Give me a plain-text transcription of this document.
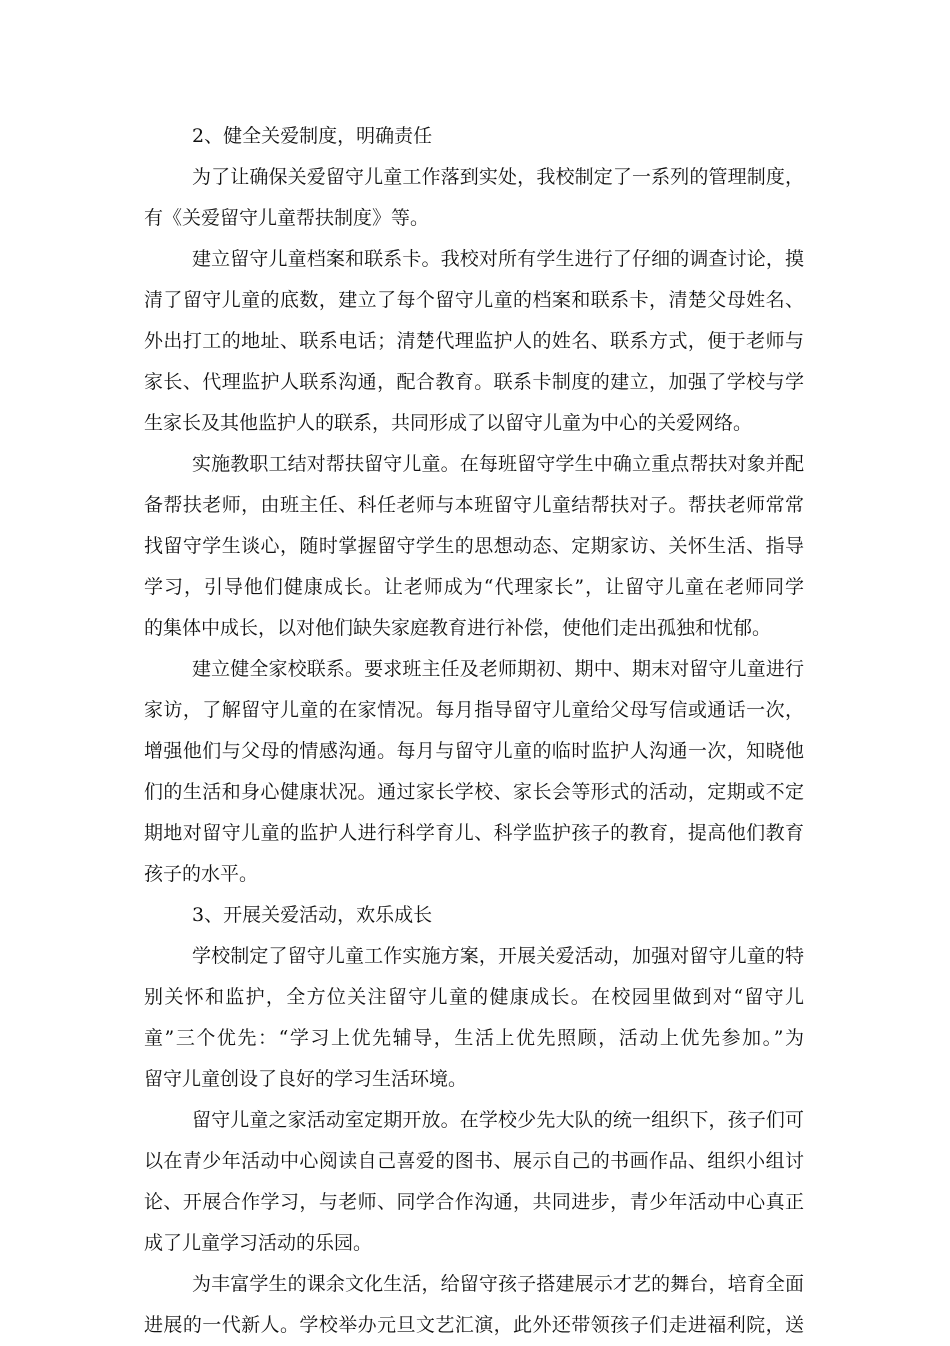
2、健全关爱制度，明确责任
为了让确保关爱留守儿童工作落到实处，我校制定了一系列的管理制度，
有《关爱留守儿童帮扶制度》等。
建立留守儿童档案和联系卡。我校对所有学生进行了仔细的调查讨论，摸
清了留守儿童的底数，建立了每个留守儿童的档案和联系卡，清楚父母姓名、
外出打工的地址、联系电话；清楚代理监护人的姓名、联系方式，便于老师与
家长、代理监护人联系沟通，配合教育。联系卡制度的建立，加强了学校与学
生家长及其他监护人的联系，共同形成了以留守儿童为中心的关爱网络。
实施教职工结对帮扶留守儿童。在每班留守学生中确立重点帮扶对象并配
备帮扶老师，由班主任、科任老师与本班留守儿童结帮扶对子。帮扶老师常常
找留守学生谈心，随时掌握留守学生的思想动态、定期家访、关怀生活、指导
学习，引导他们健康成长。让老师成为“代理家长”，让留守儿童在老师同学
的集体中成长，以对他们缺失家庭教育进行补偿，使他们走出孤独和忧郁。
建立健全家校联系。要求班主任及老师期初、期中、期末对留守儿童进行
家访，了解留守儿童的在家情况。每月指导留守儿童给父母写信或通话一次，
增强他们与父母的情感沟通。每月与留守儿童的临时监护人沟通一次，知晓他
们的生活和身心健康状况。通过家长学校、家长会等形式的活动，定期或不定
期地对留守儿童的监护人进行科学育儿、科学监护孩子的教育，提高他们教育
孩子的水平。
3、开展关爱活动，欢乐成长
学校制定了留守儿童工作实施方案，开展关爱活动，加强对留守儿童的特
别关怀和监护，全方位关注留守儿童的健康成长。在校园里做到对“留守儿
童”三个优先：“学习上优先辅导，生活上优先照顾，活动上优先参加。”为
留守儿童创设了良好的学习生活环境。
留守儿童之家活动室定期开放。在学校少先大队的统一组织下，孩子们可
以在青少年活动中心阅读自己喜爱的图书、展示自己的书画作品、组织小组讨
论、开展合作学习，与老师、同学合作沟通，共同进步，青少年活动中心真正
成了儿童学习活动的乐园。
为丰富学生的课余文化生活，给留守孩子搭建展示才艺的舞台，培育全面
进展的一代新人。学校举办元旦文艺汇演，此外还带领孩子们走进福利院，送
